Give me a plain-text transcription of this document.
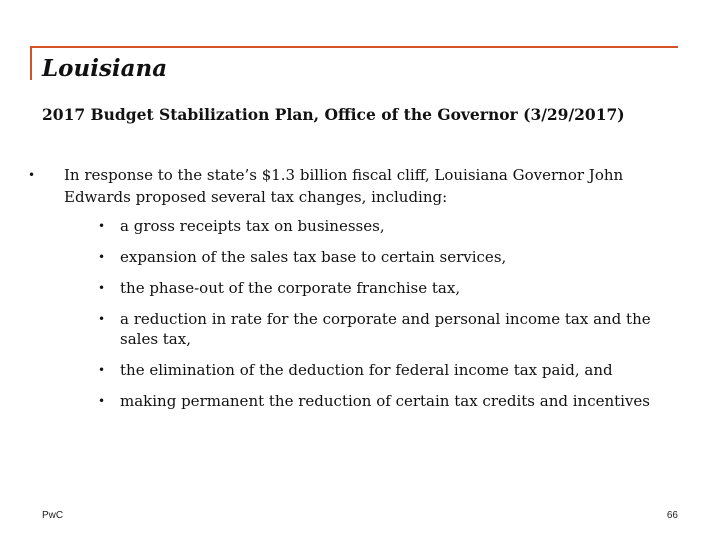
Louisiana
2017 Budget Stabilization Plan, Office of the Governor (3/29/2017)
• In response to the state’s $1.3 billion fiscal cliff, Louisiana Governor John Edwards proposed several tax changes, including:
• a gross receipts tax on businesses,
• expansion of the sales tax base to certain services,
• the phase-out of the corporate franchise tax,
• a reduction in rate for the corporate and personal income tax and the sales tax,
• the elimination of the deduction for federal income tax paid, and
• making permanent the reduction of certain tax credits and incentives
PwC	66
